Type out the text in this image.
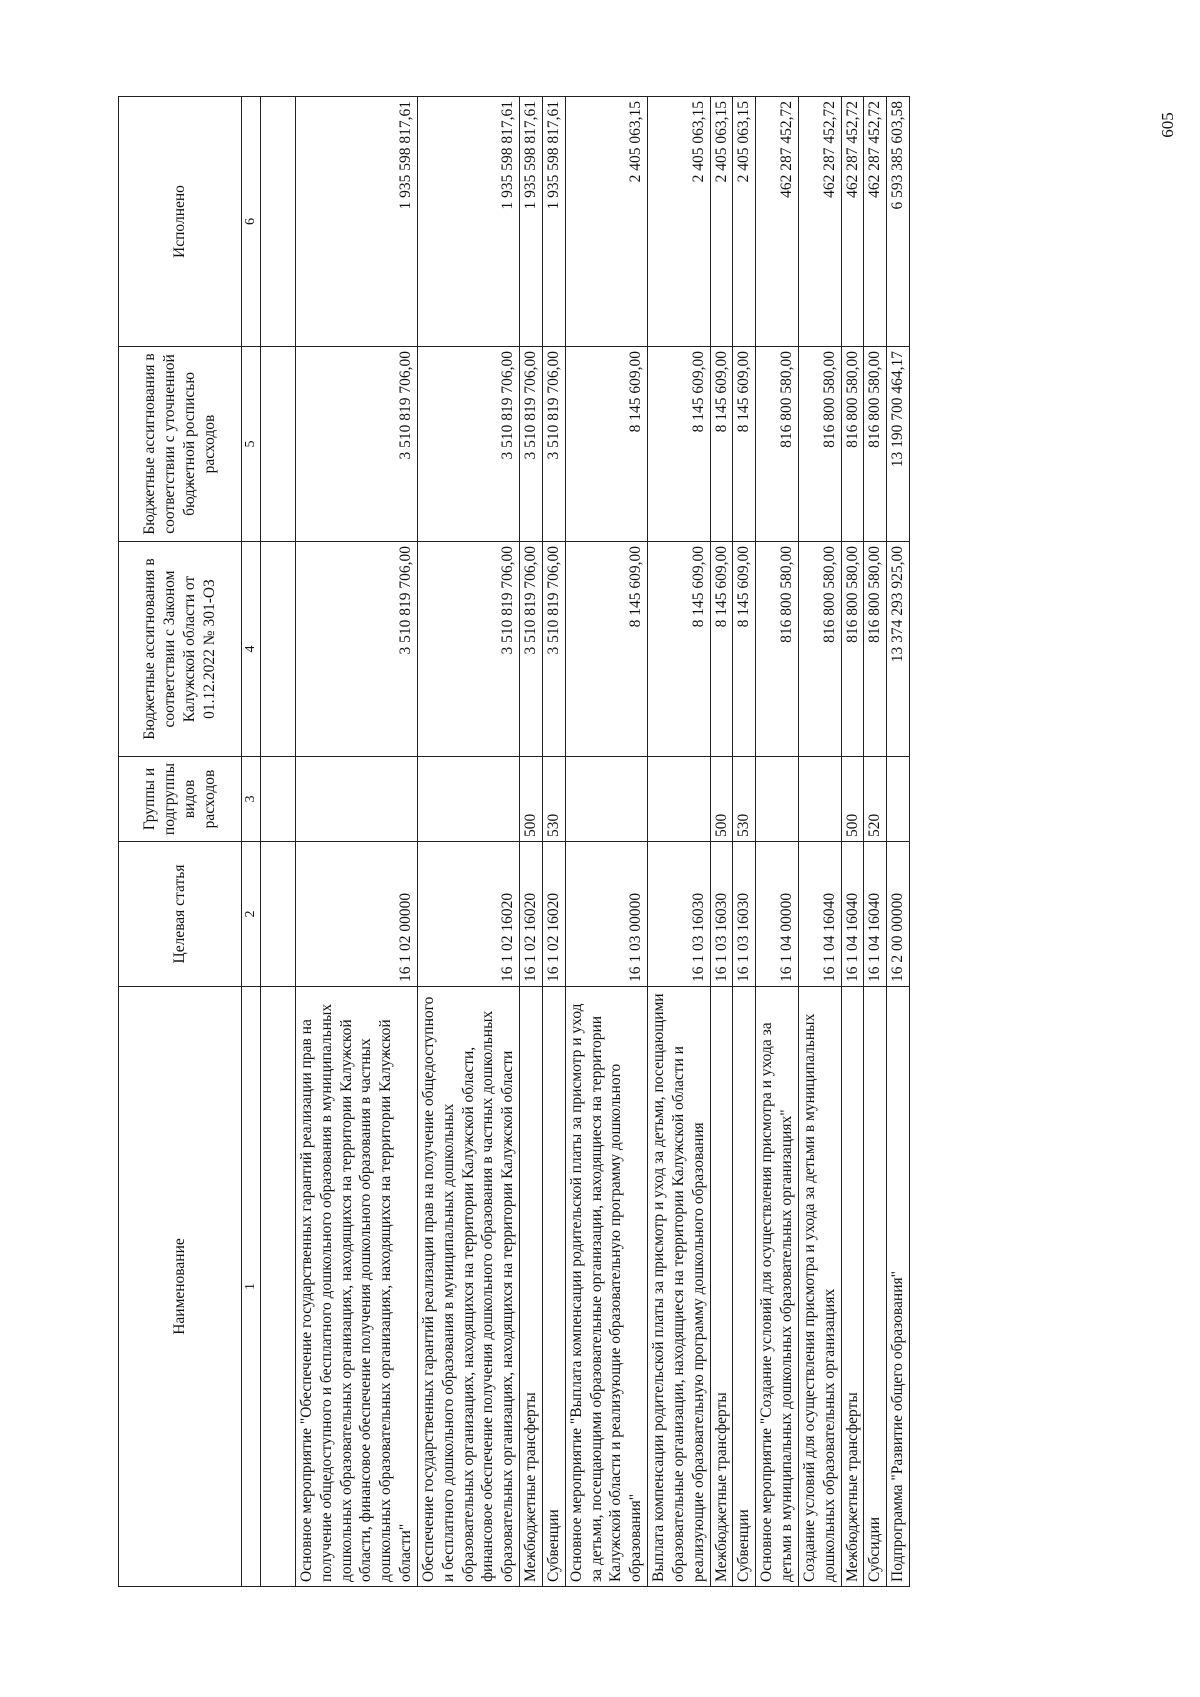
605
Наименование	Целевая статья	Группы и подгруппы видов расходов	Бюджетные ассигнования в соответствии с Законом Калужской области от 01.12.2022 № 301-ОЗ	Бюджетные ассигнования в соответствии с уточненной бюджетной росписью расходов	Исполнено
1	2	3	4	5	6

Основное мероприятие "Обеспечение государственных гарантий реализации прав на получение общедоступного и бесплатного дошкольного образования в муниципальных дошкольных образовательных организациях, находящихся на территории Калужской области, финансовое обеспечение получения дошкольного образования в частных дошкольных образовательных организациях, находящихся на территории Калужской области"	16 1 02 00000		3 510 819 706,00	3 510 819 706,00	1 935 598 817,61
Обеспечение государственных гарантий реализации прав на получение общедоступного и бесплатного дошкольного образования в муниципальных дошкольных образовательных организациях, находящихся на территории Калужской области, финансовое обеспечение получения дошкольного образования в частных дошкольных образовательных организациях, находящихся на территории Калужской области	16 1 02 16020		3 510 819 706,00	3 510 819 706,00	1 935 598 817,61
Межбюджетные трансферты	16 1 02 16020	500	3 510 819 706,00	3 510 819 706,00	1 935 598 817,61
Субвенции	16 1 02 16020	530	3 510 819 706,00	3 510 819 706,00	1 935 598 817,61
Основное мероприятие "Выплата компенсации родительской платы за присмотр и уход за детьми, посещающими образовательные организации, находящиеся на территории Калужской области и реализующие образовательную программу дошкольного образования"	16 1 03 00000		8 145 609,00	8 145 609,00	2 405 063,15
Выплата компенсации родительской платы за присмотр и уход за детьми, посещающими образовательные организации, находящиеся на территории Калужской области и реализующие образовательную программу дошкольного образования	16 1 03 16030		8 145 609,00	8 145 609,00	2 405 063,15
Межбюджетные трансферты	16 1 03 16030	500	8 145 609,00	8 145 609,00	2 405 063,15
Субвенции	16 1 03 16030	530	8 145 609,00	8 145 609,00	2 405 063,15
Основное мероприятие "Создание условий для осуществления присмотра и ухода за детьми в муниципальных дошкольных образовательных организациях"	16 1 04 00000		816 800 580,00	816 800 580,00	462 287 452,72
Создание условий для осуществления присмотра и ухода за детьми в муниципальных дошкольных образовательных организациях	16 1 04 16040		816 800 580,00	816 800 580,00	462 287 452,72
Межбюджетные трансферты	16 1 04 16040	500	816 800 580,00	816 800 580,00	462 287 452,72
Субсидии	16 1 04 16040	520	816 800 580,00	816 800 580,00	462 287 452,72
Подпрограмма "Развитие общего образования"	16 2 00 00000		13 374 293 925,00	13 190 700 464,17	6 593 385 603,58
